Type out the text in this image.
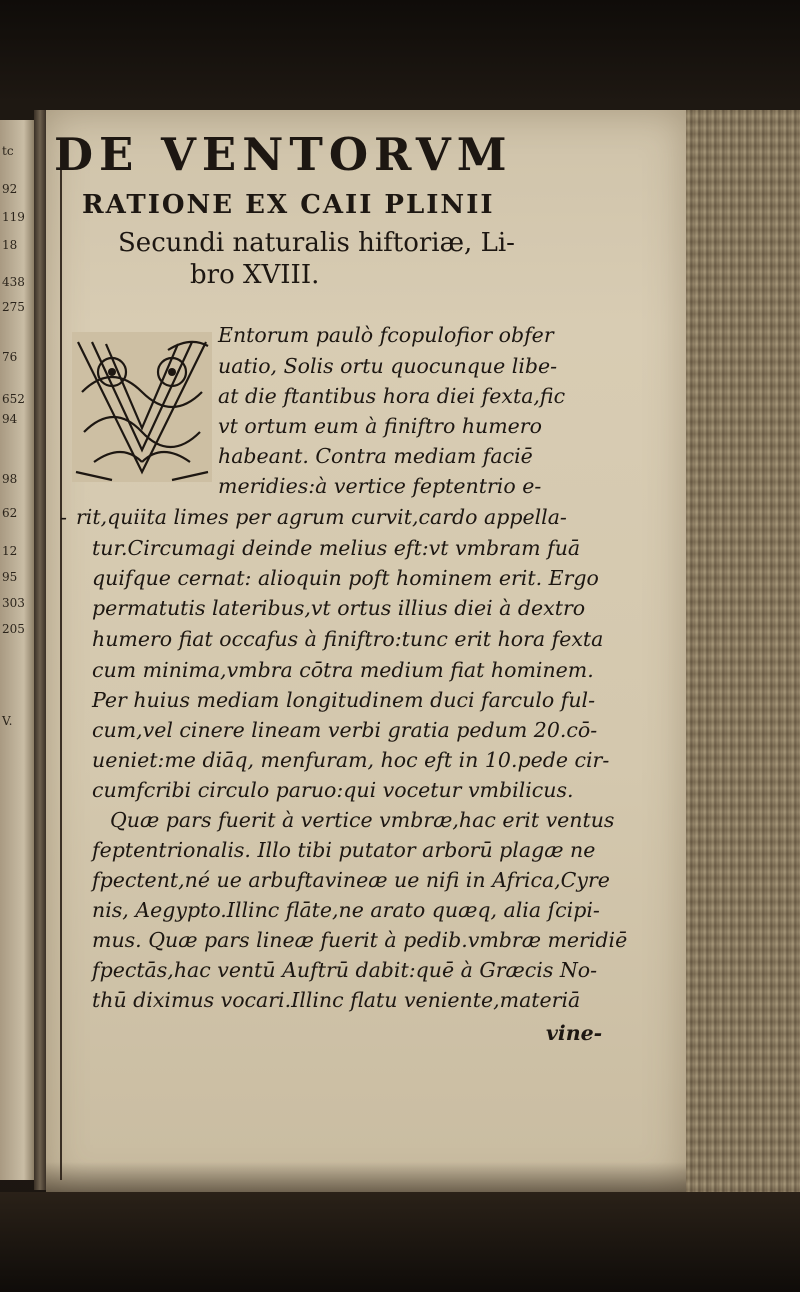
tc
92
119
18
438
275
76
652
94
98
62
12
95
303
205
V.
DE VENTORVM
RATIONE EX CAII PLINII
Secundi naturalis hiftoriæ, Li-
bro XVIII.
Entorum paulò fcopulofior obfer
uatio, Solis ortu quocunque libe-
at die ftantibus hora diei fexta,fic
vt ortum eum à finiftro humero
habeant. Contra mediam faciē
meridies:à vertice feptentrio e-
- rit,quiita limes per agrum curvit,cardo appella-
tur.Circumagi deinde melius eft:vt vmbram fuā
quifque cernat: alioquin poft hominem erit. Ergo
permatutis lateribus,vt ortus illius diei à dextro
humero fiat occafus à finiftro:tunc erit hora fexta
cum minima,vmbra cōtra medium fiat hominem.
Per huius mediam longitudinem duci farculo ful-
cum,vel cinere lineam verbi gratia pedum 20.cō-
ueniet:me diāq, menfuram, hoc eft in 10.pede cir-
cumfcribi circulo paruo:qui vocetur vmbilicus.
Quæ pars fuerit à vertice vmbræ,hac erit ventus
feptentrionalis. Illo tibi putator arborū plagæ ne
fpectent,né ue arbuftavineæ ue nifi in Africa,Cyre
nis, Aegypto.Illinc flāte,ne arato quæq, alia ſcipi-
mus. Quæ pars lineæ fuerit à pedib.vmbræ meridiē
fpectās,hac ventū Auftrū dabit:quē à Græcis No-
thū diximus vocari.Illinc flatu veniente,materiā
vine-
